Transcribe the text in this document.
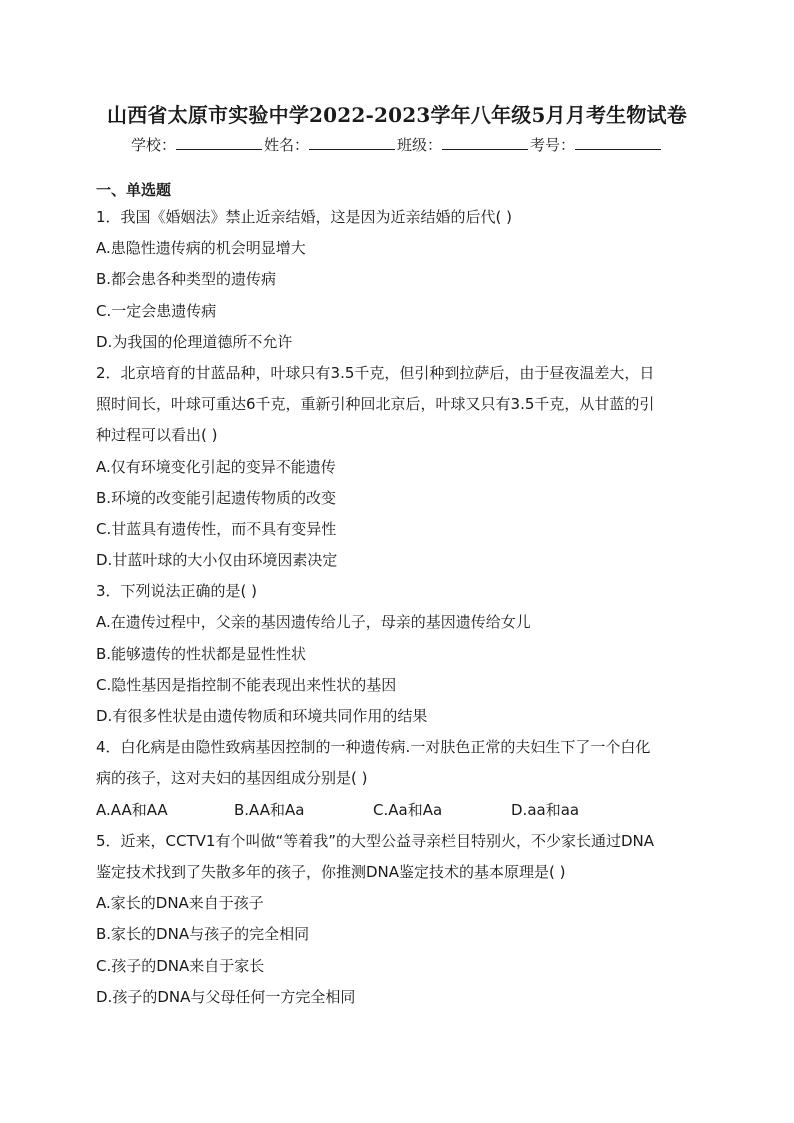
山西省太原市实验中学2022-2023学年八年级5月月考生物试卷
学校：	姓名：	班级：	考号：
一、单选题
1．我国《婚姻法》禁止近亲结婚，这是因为近亲结婚的后代( )
A.患隐性遗传病的机会明显增大
B.都会患各种类型的遗传病
C.一定会患遗传病
D.为我国的伦理道德所不允许
2．北京培育的甘蓝品种，叶球只有3.5千克，但引种到拉萨后，由于昼夜温差大，日
照时间长，叶球可重达6千克，重新引种回北京后，叶球又只有3.5千克，从甘蓝的引
种过程可以看出( )
A.仅有环境变化引起的变异不能遗传
B.环境的改变能引起遗传物质的改变
C.甘蓝具有遗传性，而不具有变异性
D.甘蓝叶球的大小仅由环境因素决定
3．下列说法正确的是( )
A.在遗传过程中，父亲的基因遗传给儿子，母亲的基因遗传给女儿
B.能够遗传的性状都是显性性状
C.隐性基因是指控制不能表现出来性状的基因
D.有很多性状是由遗传物质和环境共同作用的结果
4．白化病是由隐性致病基因控制的一种遗传病.一对肤色正常的夫妇生下了一个白化
病的孩子，这对夫妇的基因组成分别是( )
A.AA和AA	B.AA和Aa	C.Aa和Aa	D.aa和aa
5．近来，CCTV1有个叫做“等着我”的大型公益寻亲栏目特别火，不少家长通过DNA
鉴定技术找到了失散多年的孩子，你推测DNA鉴定技术的基本原理是( )
A.家长的DNA来自于孩子
B.家长的DNA与孩子的完全相同
C.孩子的DNA来自于家长
D.孩子的DNA与父母任何一方完全相同
